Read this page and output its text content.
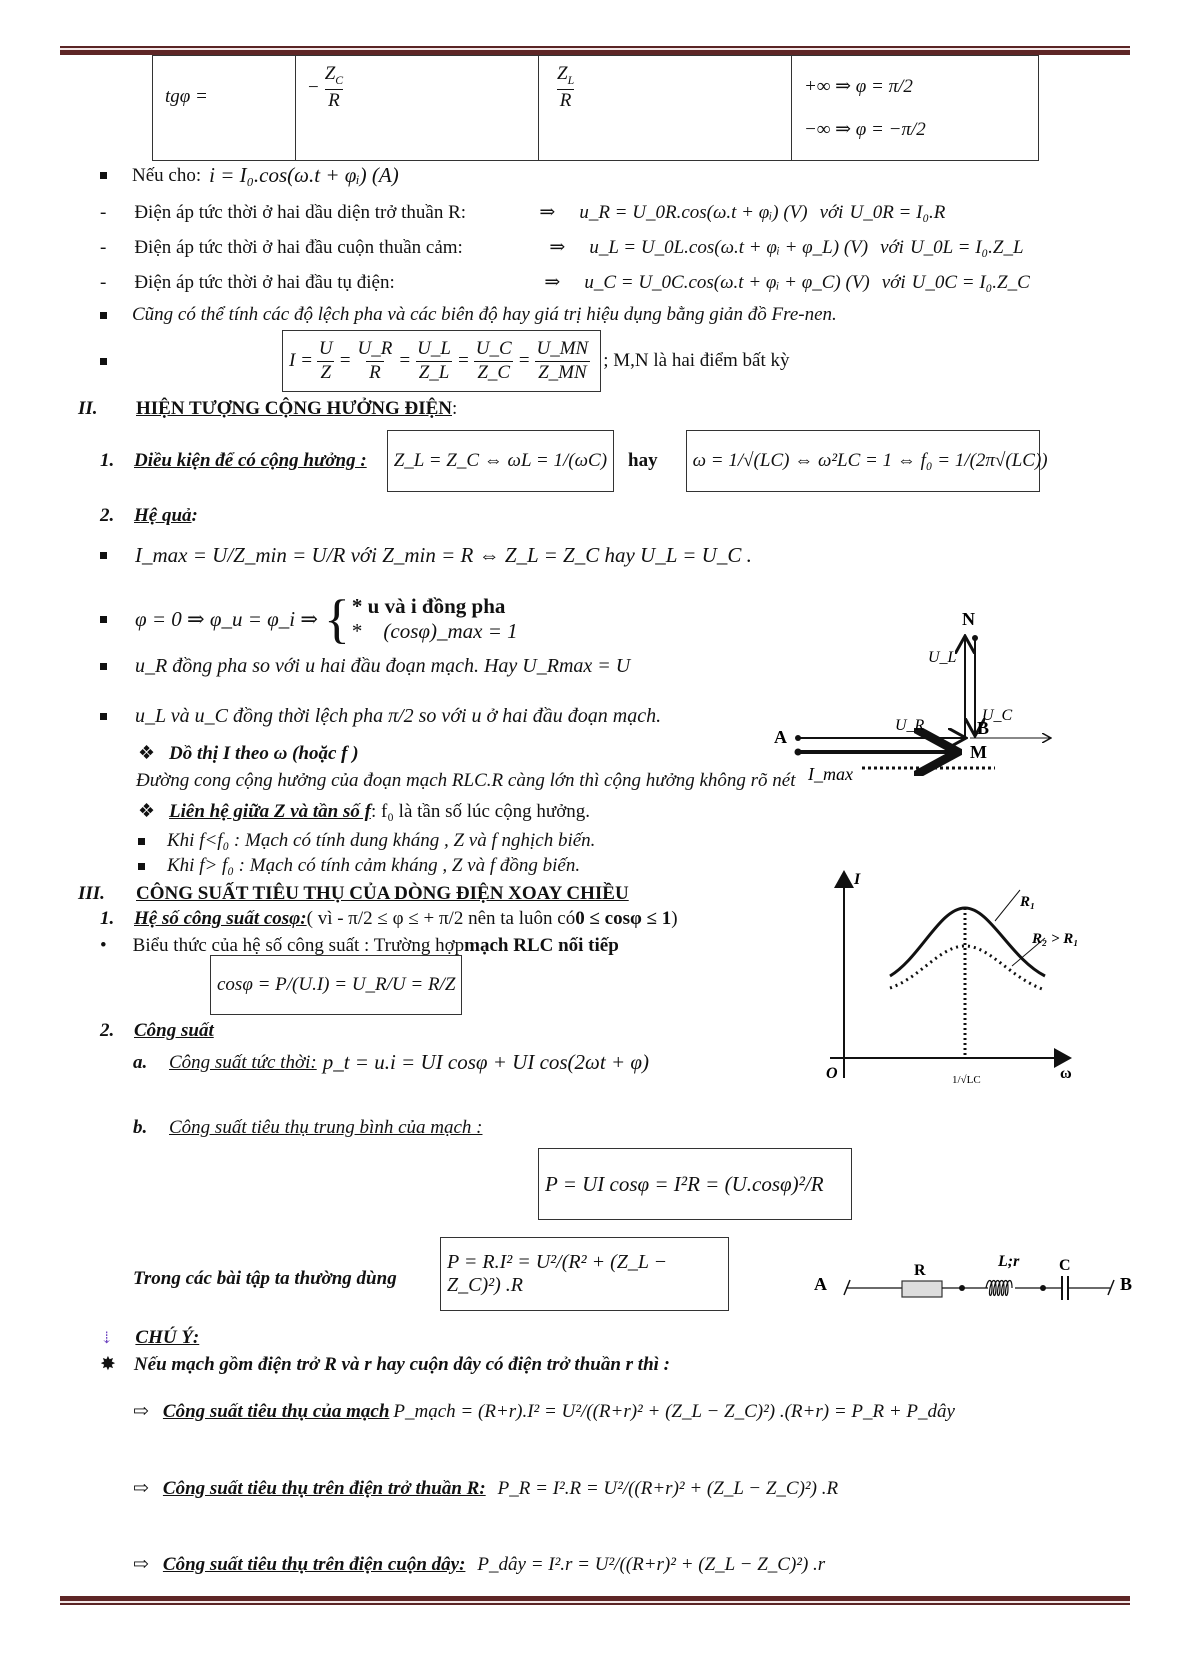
tgφ =	− $\frac{Z_C}{R}$	$\frac{Z_L}{R}$	+∞ ⇒ φ = π/2
−∞ ⇒ φ = −π/2
Nếu cho: i = I₀.cos(ω.t + φᵢ) (A)
- Điện áp tức thời ở hai dầu diện trở thuần R:	⇒	u_R = U_0R.cos(ω.t + φᵢ) (V) với U_0R = I₀.R
- Điện áp tức thời ở hai đầu cuộn thuần cảm:	⇒	u_L = U_0L.cos(ω.t + φᵢ + φ_L) (V) với U_0L = I₀.Z_L
- Điện áp tức thời ở hai đầu tụ điện:	⇒	u_C = U_0C.cos(ω.t + φᵢ + φ_C) (V) với U_0C = I₀.Z_C
Cũng có thể tính các độ lệch pha và các biên độ hay giá trị hiệu dụng bằng giản đồ Fre-nen.
$I = \frac{U}{Z} = \frac{U\_R}{R} = \frac{U\_L}{Z\_L} = \frac{U\_C}{Z\_C} = \frac{U\_MN}{Z\_MN}$ ; M,N là hai điểm bất kỳ
II.	HIỆN TƯỢNG CỘNG HƯỞNG ĐIỆN :
1.	Diều kiện để có cộng hưởng :	Z_L = Z_C ⇔ ωL = 1/(ωC)	hay	ω = 1/√(LC) ⇔ ω²LC = 1 ⇔ f₀ = 1/(2π√(LC))
2.	Hệ quả :
I_max = U/Z_min = U/R với Z_min = R ⇔ Z_L = Z_C hay U_L = U_C .
φ = 0 ⇒ φ_u = φ_i ⇒ { * u và i đồng pha
*    (cosφ)_max = 1
u_R đồng pha so với u hai đầu đoạn mạch. Hay U_Rmax = U
u_L và u_C đồng thời lệch pha π/2 so với u ở hai đầu đoạn mạch.
❖ Dồ thị I theo ω (hoặc f )
Đường cong cộng hưởng của đoạn mạch RLC.R càng lớn thì cộng hưởng không rõ nét
❖ Liên hệ giữa Z và tần số f : f₀ là tần số lúc cộng hưởng.
Khi f<f₀ : Mạch có tính dung kháng , Z và f nghịch biến.
Khi f> f₀ : Mạch có tính cảm kháng , Z và f đồng biến.
N
A	B
M
U_L
U_C
U_R
I_max
I
O	ω
1/√LC
R₁
R₂ > R₁
III.	CÔNG SUẤT TIÊU THỤ CỦA DÒNG ĐIỆN XOAY CHIỀU
1.	Hệ số công suất cosφ: ( vì - π/2 ≤ φ ≤ + π/2 nên ta luôn có 0 ≤ cosφ ≤ 1 )
• Biểu thức của hệ số công suất : Trường hợp mạch RLC nối tiếp
cosφ = P/(U.I) = U_R/U = R/Z
2.	Công suất
a.	Công suất tức thời: p_t = u.i = UI cosφ + UI cos(2ωt + φ)
b.	Công suất tiêu thụ trung bình của mạch :
P = UI cosφ = I²R = (U.cosφ)²/R
Trong các bài tập ta thường dùng
P = R.I² = U²/(R² + (Z_L − Z_C)²) .R	A
R
L;r C
B
⇣ CHÚ Ý:
✸ Nếu mạch gồm điện trở R và r hay cuộn dây có điện trở thuần r thì :
⇨ Công suất tiêu thụ của mạch P_mạch = (R+r).I² = U²/((R+r)² + (Z_L − Z_C)²) .(R+r) = P_R + P_dây
⇨ Công suất tiêu thụ trên điện trở thuần R: P_R = I².R = U²/((R+r)² + (Z_L − Z_C)²) .R
⇨ Công suất tiêu thụ trên điện cuộn dây: P_dây = I².r = U²/((R+r)² + (Z_L − Z_C)²) .r
